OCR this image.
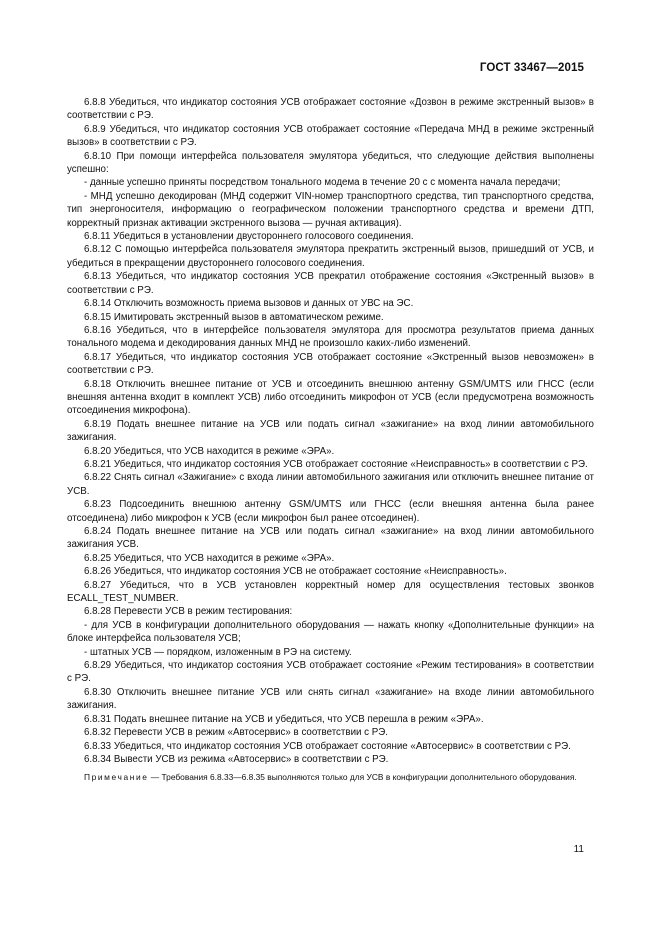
ГОСТ 33467—2015

6.8.8 Убедиться, что индикатор состояния УСВ отображает состояние «Дозвон в режиме экстренный вызов» в соответствии с РЭ.

6.8.9 Убедиться, что индикатор состояния УСВ отображает состояние «Передача МНД в режиме экстренный вызов» в соответствии с РЭ.

6.8.10 При помощи интерфейса пользователя эмулятора убедиться, что следующие действия выполнены успешно:

- данные успешно приняты посредством тонального модема в течение 20 с с момента начала передачи;

- МНД успешно декодирован (МНД содержит VIN-номер транспортного средства, тип транспортного средства, тип энергоносителя, информацию о географическом положении транспортного средства и времени ДТП, корректный признак активации экстренного вызова — ручная активация).

6.8.11 Убедиться в установлении двустороннего голосового соединения.

6.8.12 С помощью интерфейса пользователя эмулятора прекратить экстренный вызов, пришедший от УСВ, и убедиться в прекращении двустороннего голосового соединения.

6.8.13 Убедиться, что индикатор состояния УСВ прекратил отображение состояния «Экстренный вызов» в соответствии с РЭ.

6.8.14 Отключить возможность приема вызовов и данных от УВС на ЭС.

6.8.15 Имитировать экстренный вызов в автоматическом режиме.

6.8.16 Убедиться, что в интерфейсе пользователя эмулятора для просмотра результатов приема данных тонального модема и декодирования данных МНД не произошло каких-либо изменений.

6.8.17 Убедиться, что индикатор состояния УСВ отображает состояние «Экстренный вызов невозможен» в соответствии с РЭ.

6.8.18 Отключить внешнее питание от УСВ и отсоединить внешнюю антенну GSM/UMTS или ГНСС (если внешняя антенна входит в комплект УСВ) либо отсоединить микрофон от УСВ (если предусмотрена возможность отсоединения микрофона).

6.8.19 Подать внешнее питание на УСВ или подать сигнал «зажигание» на вход линии автомобильного зажигания.

6.8.20 Убедиться, что УСВ находится в режиме «ЭРА».

6.8.21 Убедиться, что индикатор состояния УСВ отображает состояние «Неисправность» в соответствии с РЭ.

6.8.22 Снять сигнал «Зажигание» с входа линии автомобильного зажигания или отключить внешнее питание от УСВ.

6.8.23 Подсоединить внешнюю антенну GSM/UMTS или ГНСС (если внешняя антенна была ранее отсоединена) либо микрофон к УСВ (если микрофон был ранее отсоединен).

6.8.24 Подать внешнее питание на УСВ или подать сигнал «зажигание» на вход линии автомобильного зажигания УСВ.

6.8.25 Убедиться, что УСВ находится в режиме «ЭРА».

6.8.26 Убедиться, что индикатор состояния УСВ не отображает состояние «Неисправность».

6.8.27 Убедиться, что в УСВ установлен корректный номер для осуществления тестовых звонков ECALL_TEST_NUMBER.

6.8.28 Перевести УСВ в режим тестирования:

- для УСВ в конфигурации дополнительного оборудования — нажать кнопку «Дополнительные функции» на блоке интерфейса пользователя УСВ;

- штатных УСВ — порядком, изложенным в РЭ на систему.

6.8.29 Убедиться, что индикатор состояния УСВ отображает состояние «Режим тестирования» в соответствии с РЭ.

6.8.30 Отключить внешнее питание УСВ или снять сигнал «зажигание» на входе линии автомобильного зажигания.

6.8.31 Подать внешнее питание на УСВ и убедиться, что УСВ перешла в режим «ЭРА».

6.8.32 Перевести УСВ в режим «Автосервис» в соответствии с РЭ.

6.8.33 Убедиться, что индикатор состояния УСВ отображает состояние «Автосервис» в соответствии с РЭ.

6.8.34 Вывести УСВ из режима «Автосервис» в соответствии с РЭ.

Примечание — Требования 6.8.33—6.8.35 выполняются только для УСВ в конфигурации дополнительного оборудования.

11
